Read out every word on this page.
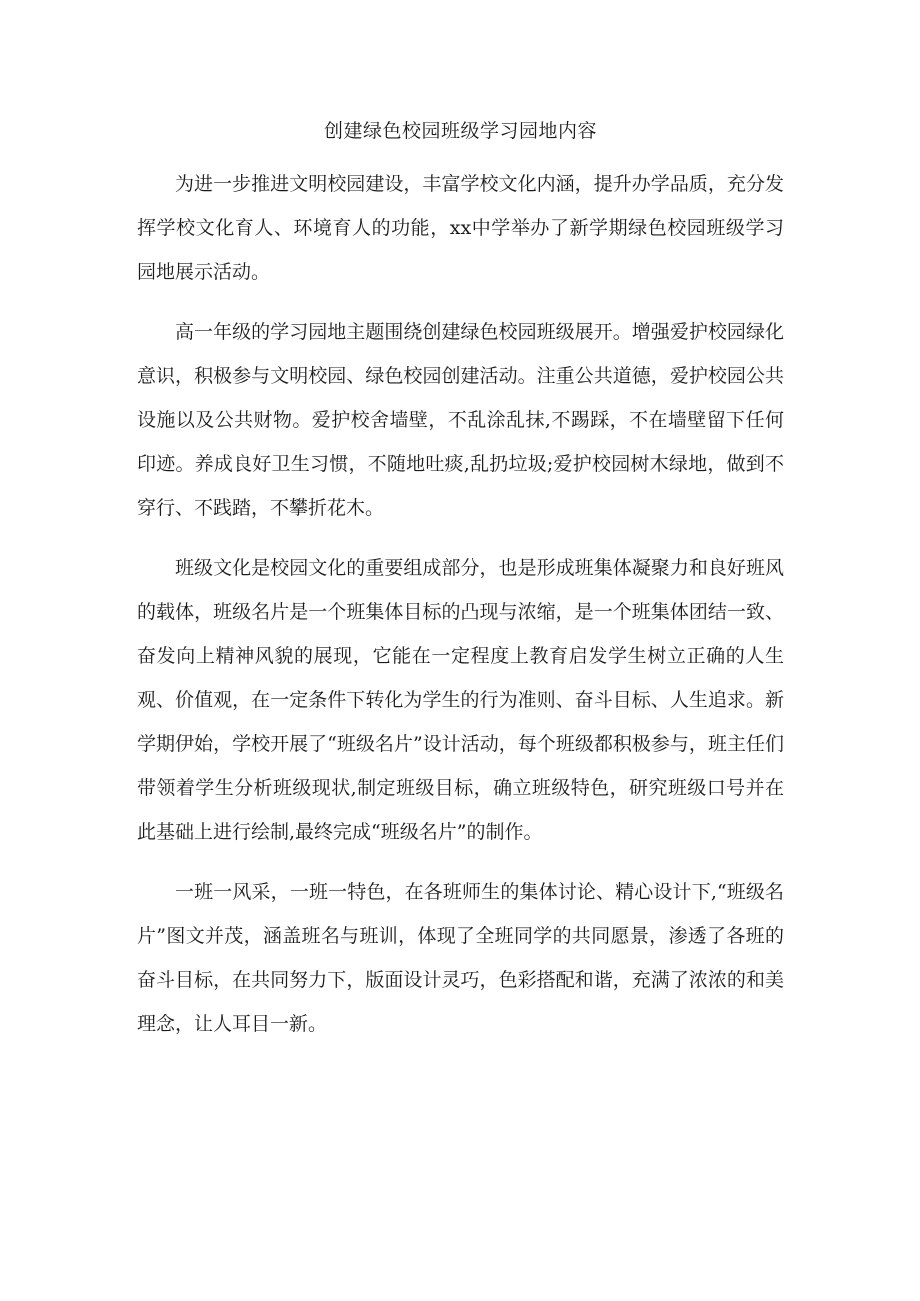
创建绿色校园班级学习园地内容

为进一步推进文明校园建设，丰富学校文化内涵，提升办学品质，充分发挥学校文化育人、环境育人的功能，xx中学举办了新学期绿色校园班级学习园地展示活动。

高一年级的学习园地主题围绕创建绿色校园班级展开。增强爱护校园绿化意识，积极参与文明校园、绿色校园创建活动。注重公共道德，爱护校园公共设施以及公共财物。爱护校舍墙壁，不乱涂乱抹,不踢踩，不在墙壁留下任何印迹。养成良好卫生习惯，不随地吐痰,乱扔垃圾;爱护校园树木绿地，做到不穿行、不践踏，不攀折花木。

班级文化是校园文化的重要组成部分，也是形成班集体凝聚力和良好班风的载体，班级名片是一个班集体目标的凸现与浓缩，是一个班集体团结一致、奋发向上精神风貌的展现，它能在一定程度上教育启发学生树立正确的人生观、价值观，在一定条件下转化为学生的行为准则、奋斗目标、人生追求。新学期伊始，学校开展了“班级名片”设计活动，每个班级都积极参与，班主任们带领着学生分析班级现状,制定班级目标，确立班级特色，研究班级口号并在此基础上进行绘制,最终完成“班级名片”的制作。

一班一风采，一班一特色，在各班师生的集体讨论、精心设计下,“班级名片”图文并茂，涵盖班名与班训，体现了全班同学的共同愿景，渗透了各班的奋斗目标，在共同努力下，版面设计灵巧，色彩搭配和谐，充满了浓浓的和美理念，让人耳目一新。
